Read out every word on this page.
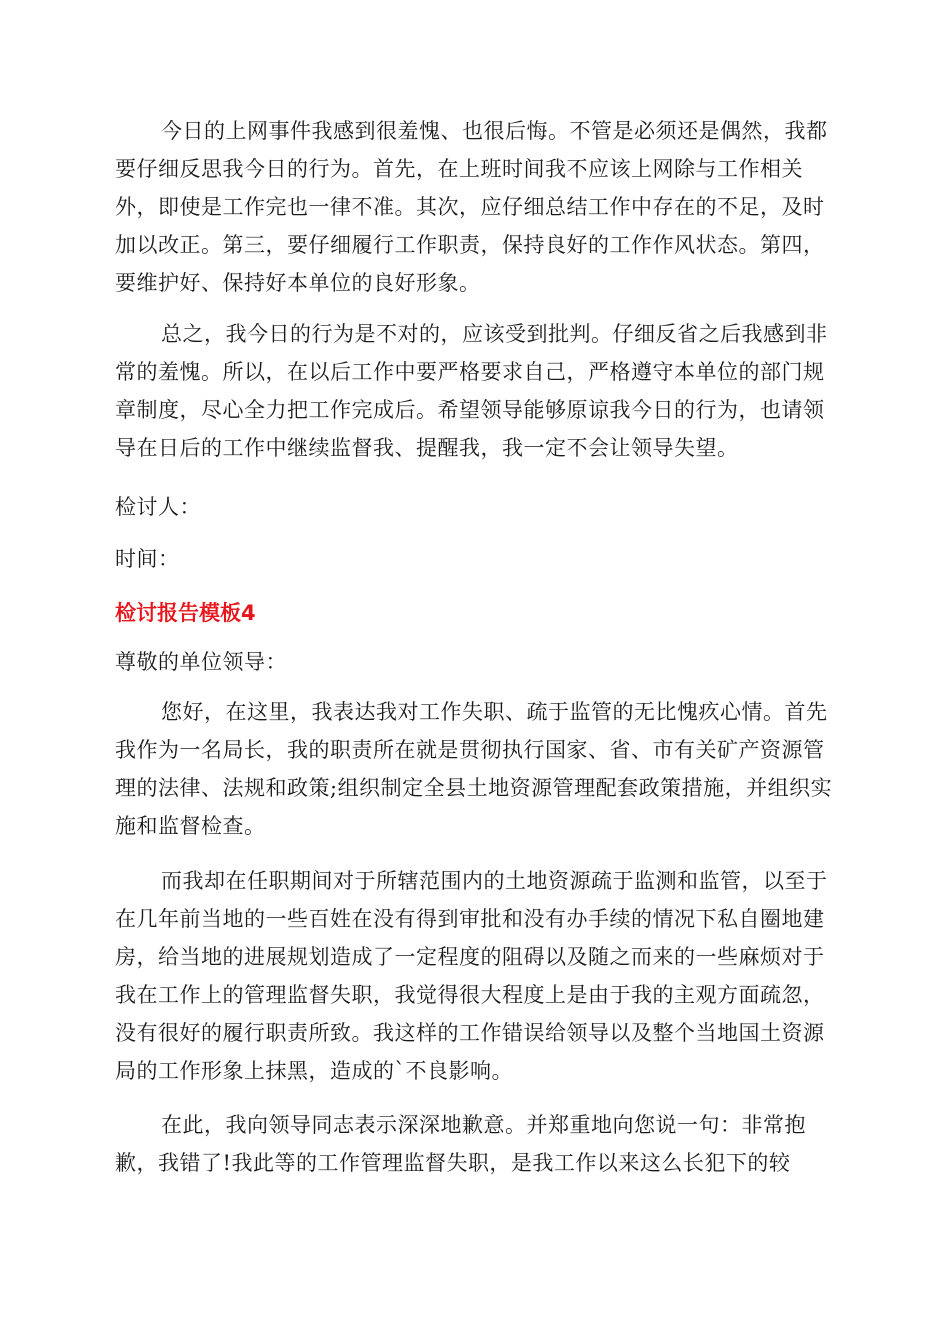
今日的上网事件我感到很羞愧、也很后悔。不管是必须还是偶然，我都要仔细反思我今日的行为。首先，在上班时间我不应该上网除与工作相关外，即使是工作完也一律不准。其次，应仔细总结工作中存在的不足，及时加以改正。第三，要仔细履行工作职责，保持良好的工作作风状态。第四，要维护好、保持好本单位的良好形象。

总之，我今日的行为是不对的，应该受到批判。仔细反省之后我感到非常的羞愧。所以，在以后工作中要严格要求自己，严格遵守本单位的部门规章制度，尽心全力把工作完成后。希望领导能够原谅我今日的行为，也请领导在日后的工作中继续监督我、提醒我，我一定不会让领导失望。

检讨人：

时间：

检讨报告模板4

尊敬的单位领导：

您好，在这里，我表达我对工作失职、疏于监管的无比愧疚心情。首先我作为一名局长，我的职责所在就是贯彻执行国家、省、市有关矿产资源管理的法律、法规和政策;组织制定全县土地资源管理配套政策措施，并组织实施和监督检查。

而我却在任职期间对于所辖范围内的土地资源疏于监测和监管，以至于在几年前当地的一些百姓在没有得到审批和没有办手续的情况下私自圈地建房，给当地的进展规划造成了一定程度的阻碍以及随之而来的一些麻烦对于我在工作上的管理监督失职，我觉得很大程度上是由于我的主观方面疏忽，没有很好的履行职责所致。我这样的工作错误给领导以及整个当地国土资源局的工作形象上抹黑，造成的`不良影响。

在此，我向领导同志表示深深地歉意。并郑重地向您说一句：非常抱歉，我错了!我此等的工作管理监督失职，是我工作以来这么长犯下的较
